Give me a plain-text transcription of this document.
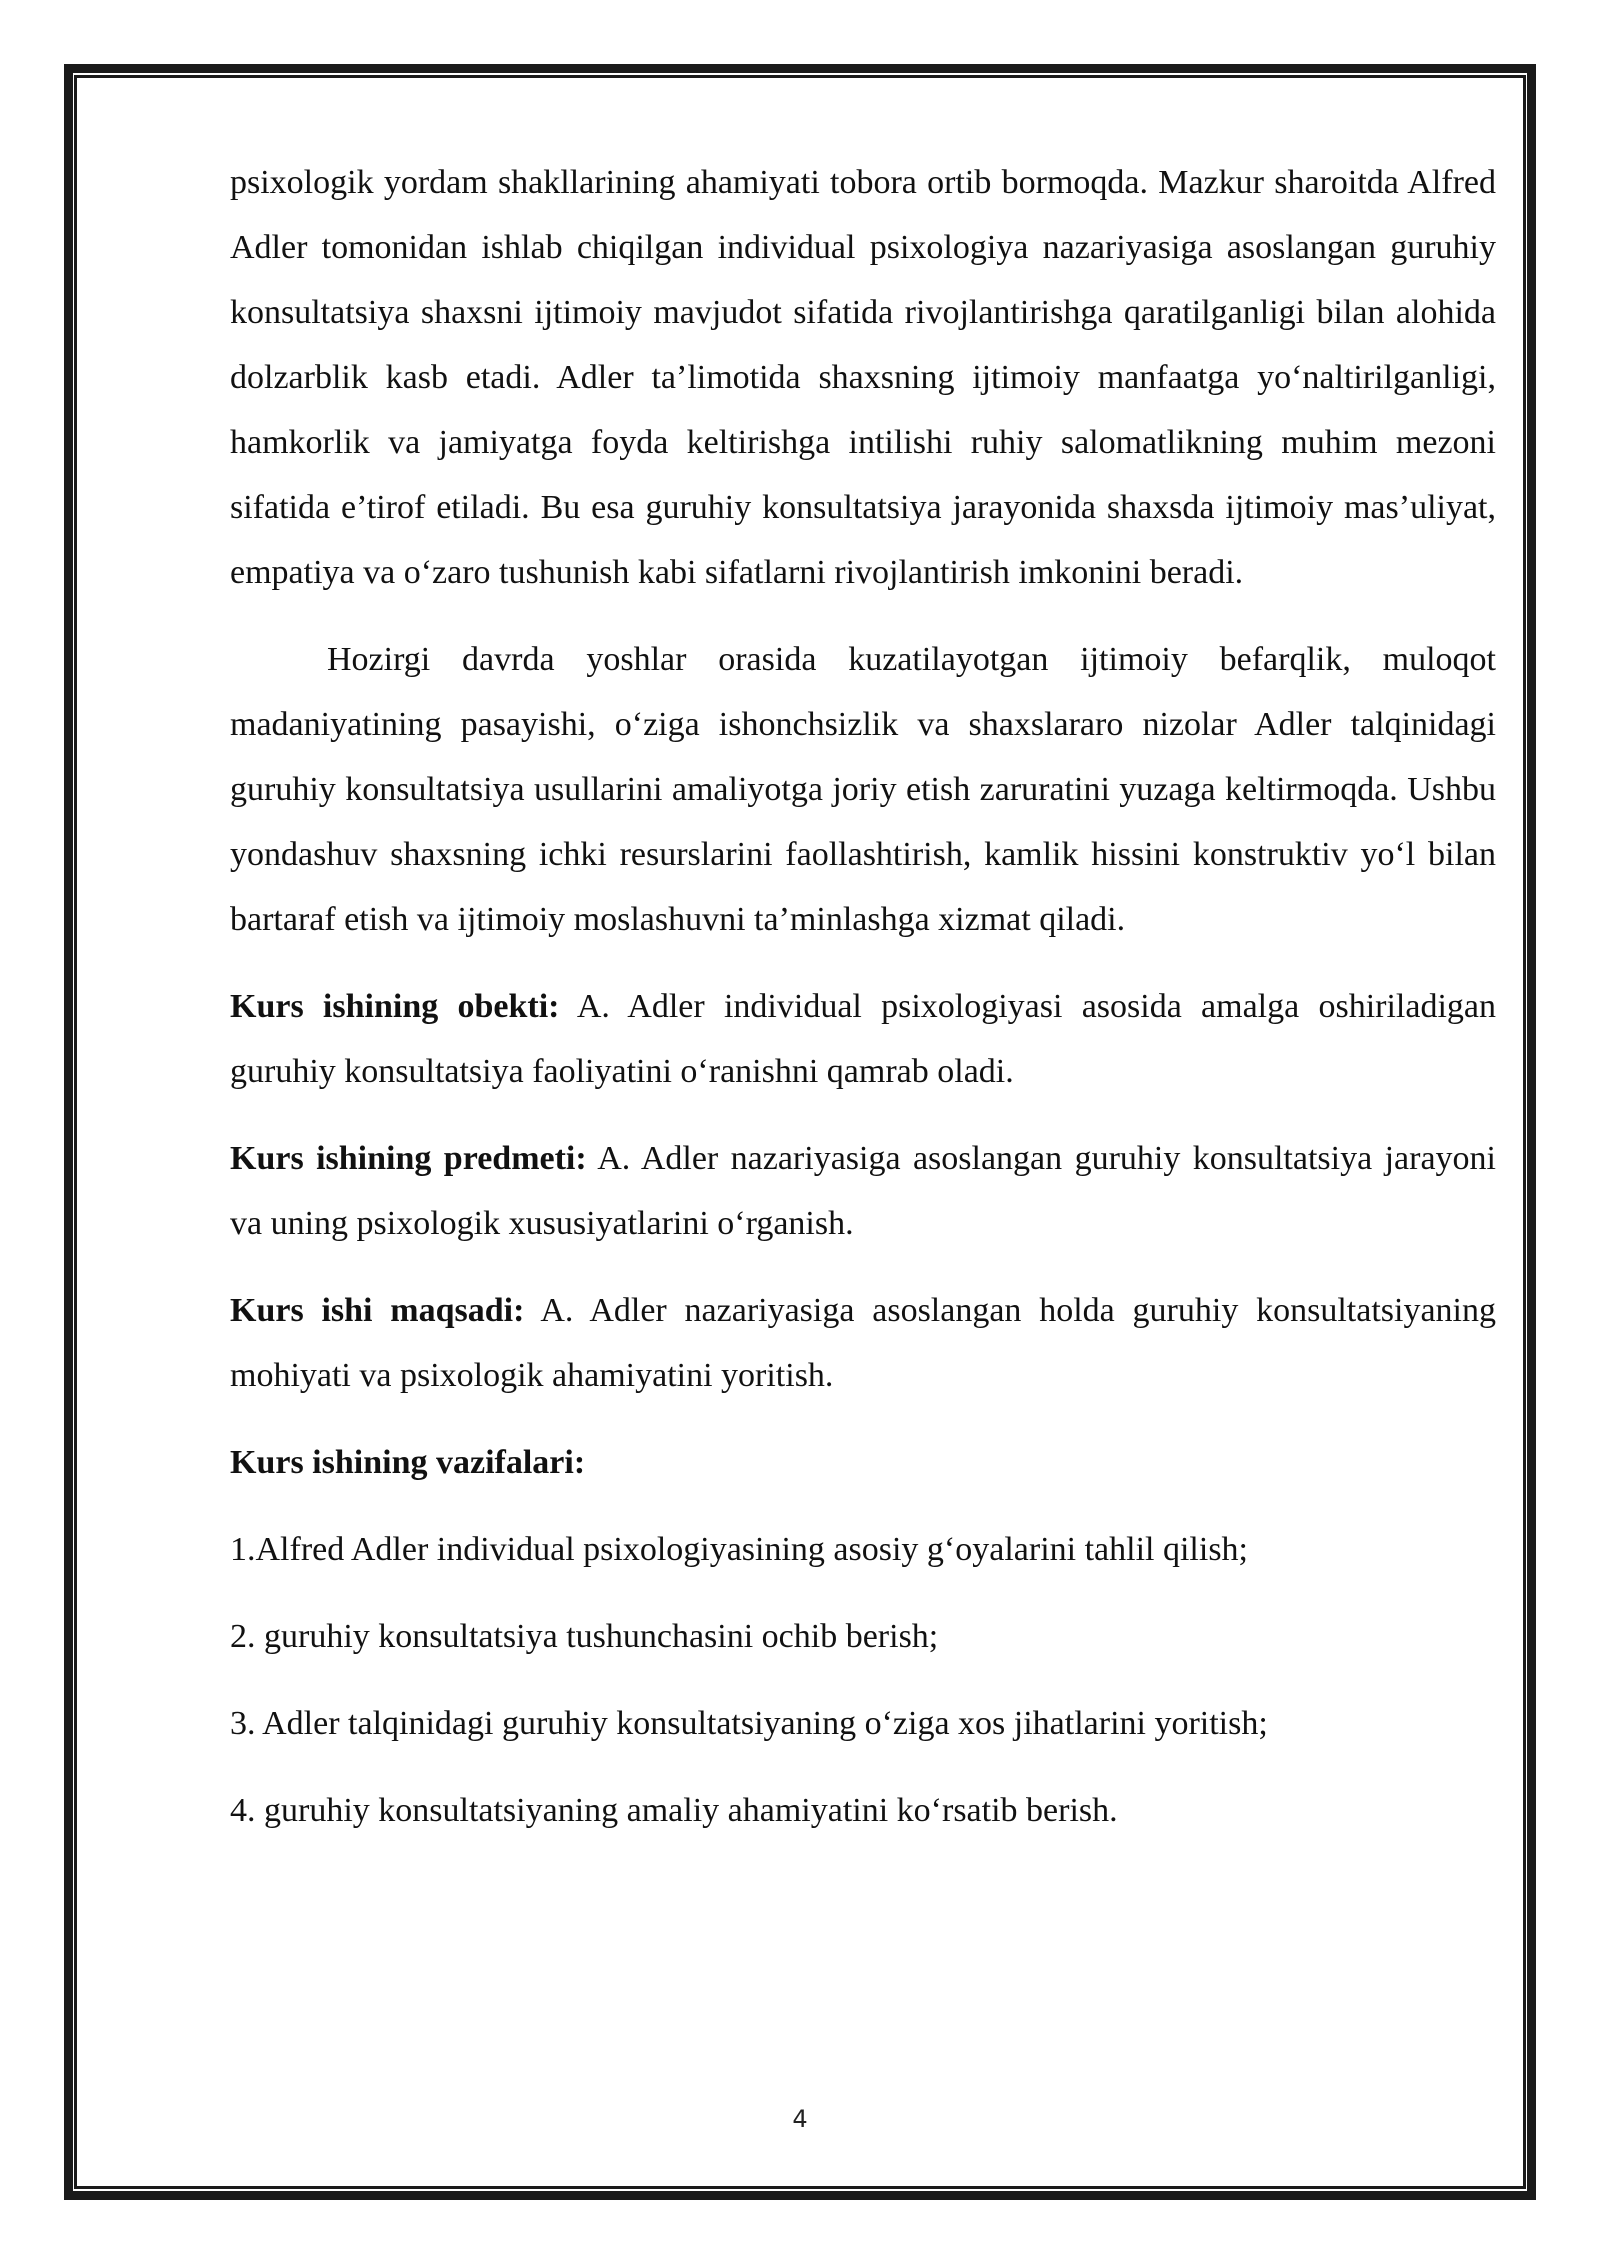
psixologik yordam shakllarining ahamiyati tobora ortib bormoqda. Mazkur sharoitda Alfred Adler tomonidan ishlab chiqilgan individual psixologiya nazariyasiga asoslangan guruhiy konsultatsiya shaxsni ijtimoiy mavjudot sifatida rivojlantirishga qaratilganligi bilan alohida dolzarblik kasb etadi. Adler ta’limotida shaxsning ijtimoiy manfaatga yo‘naltirilganligi, hamkorlik va jamiyatga foyda keltirishga intilishi ruhiy salomatlikning muhim mezoni sifatida e’tirof etiladi. Bu esa guruhiy konsultatsiya jarayonida shaxsda ijtimoiy mas’uliyat, empatiya va o‘zaro tushunish kabi sifatlarni rivojlantirish imkonini beradi.

Hozirgi davrda yoshlar orasida kuzatilayotgan ijtimoiy befarqlik, muloqot madaniyatining pasayishi, o‘ziga ishonchsizlik va shaxslararo nizolar Adler talqinidagi guruhiy konsultatsiya usullarini amaliyotga joriy etish zaruratini yuzaga keltirmoqda. Ushbu yondashuv shaxsning ichki resurslarini faollashtirish, kamlik hissini konstruktiv yo‘l bilan bartaraf etish va ijtimoiy moslashuvni ta’minlashga xizmat qiladi.

Kurs ishining obekti: A. Adler individual psixologiyasi asosida amalga oshiriladigan guruhiy konsultatsiya faoliyatini o‘ranishni qamrab oladi.

Kurs ishining predmeti: A. Adler nazariyasiga asoslangan guruhiy konsultatsiya jarayoni va uning psixologik xususiyatlarini o‘rganish.

Kurs ishi maqsadi: A. Adler nazariyasiga asoslangan holda guruhiy konsultatsiyaning mohiyati va psixologik ahamiyatini yoritish.

Kurs ishining vazifalari:

1.Alfred Adler individual psixologiyasining asosiy g‘oyalarini tahlil qilish;

2. guruhiy konsultatsiya tushunchasini ochib berish;

3. Adler talqinidagi guruhiy konsultatsiyaning o‘ziga xos jihatlarini yoritish;

4. guruhiy konsultatsiyaning amaliy ahamiyatini ko‘rsatib berish.

4
